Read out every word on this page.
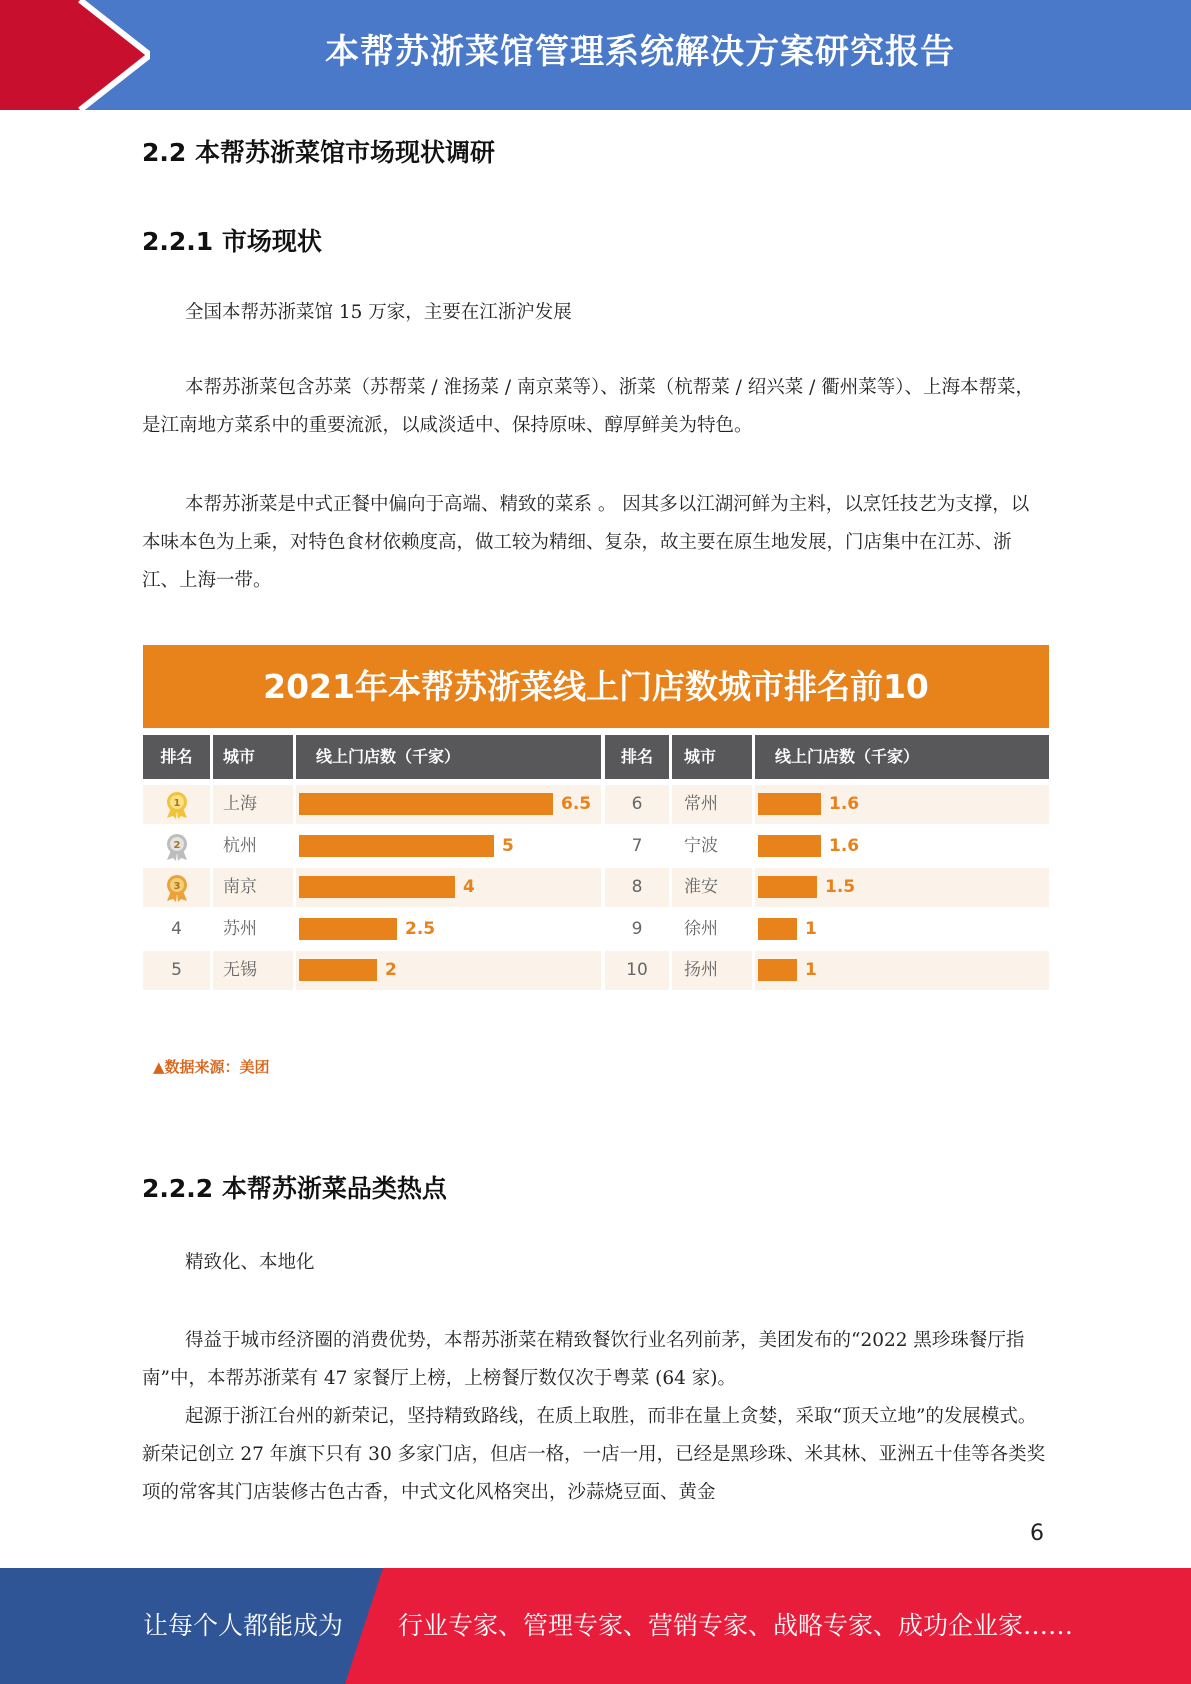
本帮苏浙菜馆管理系统解决方案研究报告
2.2 本帮苏浙菜馆市场现状调研
2.2.1 市场现状
全国本帮苏浙菜馆 15 万家，主要在江浙沪发展
本帮苏浙菜包含苏菜（苏帮菜 / 淮扬菜 / 南京菜等）、浙菜（杭帮菜 / 绍兴菜 / 衢州菜等）、上海本帮菜，是江南地方菜系中的重要流派，以咸淡适中、保持原味、醇厚鲜美为特色。
本帮苏浙菜是中式正餐中偏向于高端、精致的菜系 。 因其多以江湖河鲜为主料，以烹饪技艺为支撑，以本味本色为上乘，对特色食材依赖度高，做工较为精细、复杂，故主要在原生地发展，门店集中在江苏、浙江、上海一带。
2021年本帮苏浙菜线上门店数城市排名前10
排名	城市	线上门店数（千家）	排名	城市	线上门店数（千家）
1	上海	6.5
2	杭州	5
3	南京	4
4	苏州	2.5
5	无锡	2
6	常州	1.6
7	宁波	1.6
8	淮安	1.5
9	徐州	1
10	扬州	1
▲数据来源：美团
2.2.2 本帮苏浙菜品类热点
精致化、本地化
得益于城市经济圈的消费优势，本帮苏浙菜在精致餐饮行业名列前茅，美团发布的“2022 黑珍珠餐厅指南”中，本帮苏浙菜有 47 家餐厅上榜，上榜餐厅数仅次于粤菜 (64 家)。
起源于浙江台州的新荣记，坚持精致路线，在质上取胜，而非在量上贪婪，采取“顶天立地”的发展模式。新荣记创立 27 年旗下只有 30 多家门店，但店一格，一店一用，已经是黑珍珠、米其林、亚洲五十佳等各类奖项的常客其门店装修古色古香，中式文化风格突出，沙蒜烧豆面、黄金
6
让每个人都能成为 行业专家、管理专家、营销专家、战略专家、成功企业家……
